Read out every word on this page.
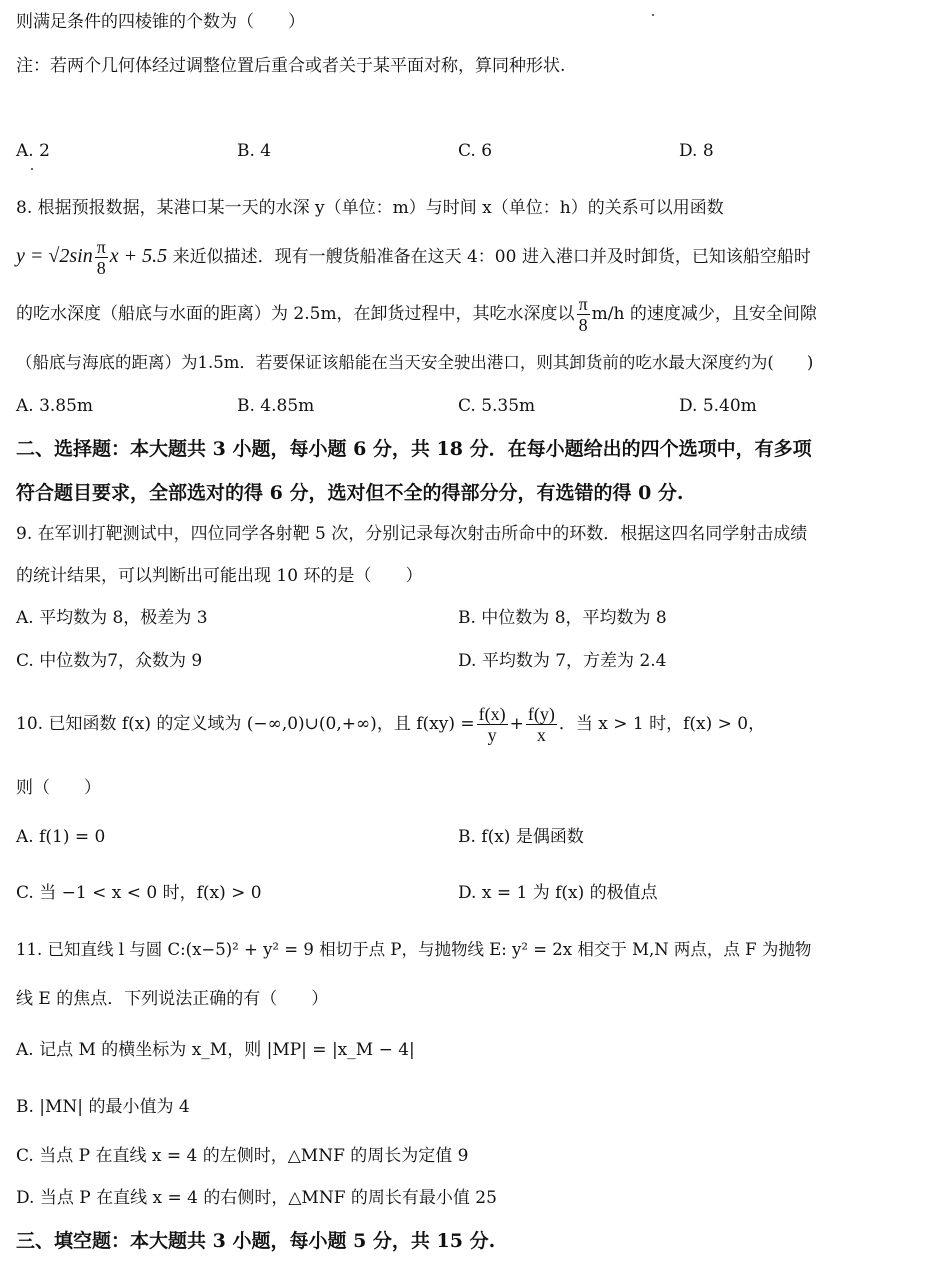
则满足条件的四棱锥的个数为（　　）
注：若两个几何体经过调整位置后重合或者关于某平面对称，算同种形状.
A. 2	B. 4	C. 6	D. 8
8. 根据预报数据，某港口某一天的水深 y（单位：m）与时间 x（单位：h）的关系可以用函数
$y = √2\sin \frac{\pi}{8}$ x + 5.5 来近似描述．现有一艘货船准备在这天 4：00 进入港口并及时卸货，已知该船空船时
的吃水深度（船底与水面的距离）为 2.5m，在卸货过程中，其吃水深度以 $\frac{\pi}{8} m/h$ 的速度减少，且安全间隙
（船底与海底的距离）为1.5m．若要保证该船能在当天安全驶出港口，则其卸货前的吃水最大深度约为(　　)
A. 3.85m	B. 4.85m	C. 5.35m	D. 5.40m
二、选择题：本大题共 3 小题，每小题 6 分，共 18 分．在每小题给出的四个选项中，有多项
符合题目要求，全部选对的得 6 分，选对但不全的得部分分，有选错的得 0 分.
9. 在军训打靶测试中，四位同学各射靶 5 次，分别记录每次射击所命中的环数．根据这四名同学射击成绩
的统计结果，可以判断出可能出现 10 环的是（　　）
A. 平均数为 8，极差为 3	B. 中位数为 8，平均数为 8
C. 中位数为7，众数为 9	D. 平均数为 7，方差为 2.4
10. 已知函数 f(x) 的定义域为 (−∞,0)∪(0,+∞)，且 $f(xy) = \frac{f(x)}{y} + \frac{f(y)}{x}$ ．当 x > 1 时，f(x) > 0，
则（　　）
A. f(1) = 0	B. f(x) 是偶函数
C. 当 −1 < x < 0 时，f(x) > 0	D. x = 1 为 f(x) 的极值点
11. 已知直线 l 与圆 C:(x−5)² + y² = 9 相切于点 P，与抛物线 E: y² = 2x 相交于 M,N 两点，点 F 为抛物
线 E 的焦点．下列说法正确的有（　　）
A. 记点 M 的横坐标为 x_M，则 |MP| = |x_M − 4|
B. |MN| 的最小值为 4
C. 当点 P 在直线 x = 4 的左侧时，△MNF 的周长为定值 9
D. 当点 P 在直线 x = 4 的右侧时，△MNF 的周长有最小值 25
三、填空题：本大题共 3 小题，每小题 5 分，共 15 分.
